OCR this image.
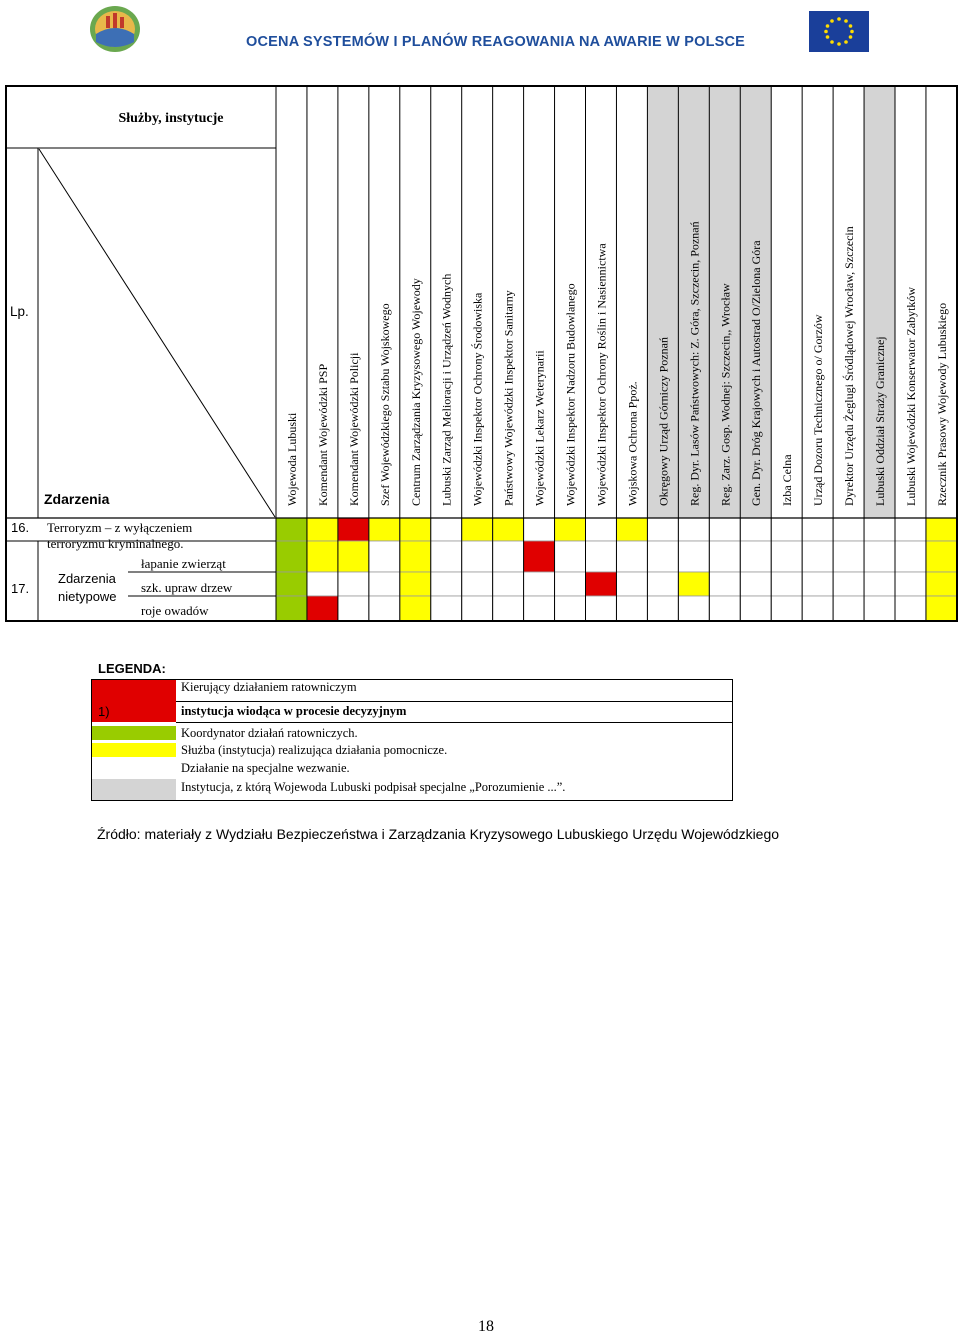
OCENA SYSTEMÓW I PLANÓW REAGOWANIA NA AWARIE W POLSCE
Służby, instytucje
Lp.
Zdarzenia	Wojewoda Lubuski Komendant Wojewódzki PSP Komendant Wojewódzki Policji Szef Wojewódzkiego Sztabu Wojskowego Centrum Zarządzania Kryzysowego Wojewody Lubuski Zarząd Melioracji i Urządzeń Wodnych Wojewódzki Inspektor Ochrony Środowiska Państwowy Wojewódzki Inspektor Sanitarny Wojewódzki Lekarz Weterynarii Wojewódzki Inspektor Nadzoru Budowlanego Wojewódzki Inspektor Ochrony Roślin i Nasiennictwa Wojskowa Ochrona Ppoż. Okręgowy Urząd Górniczy Poznań Reg. Dyr. Lasów Państwowych: Z. Góra, Szczecin, Poznań Reg. Zarz. Gosp. Wodnej: Szczecin,, Wrocław Gen. Dyr. Dróg Krajowych i Autostrad O/Zielona Góra Izba Celna Urząd Dozoru Technicznego o/ Gorzów Dyrektor Urzędu Żeglugi Śródlądowej Wrocław, Szczecin Lubuski Oddział Straży Granicznej Lubuski Wojewódzki Konserwator Zabytków Rzecznik Prasowy Wojewody Lubuskiego
16. Terroryzm – z wyłączeniem
terroryzmu kryminalnego.
17.
Zdarzenia
nietypowe
łapanie zwierząt
szk. upraw drzew
roje owadów
LEGENDA:
1)
Kierujący działaniem ratowniczym
instytucja wiodąca w procesie decyzyjnym
Koordynator działań ratowniczych.
Służba (instytucja) realizująca działania pomocnicze.
Działanie na specjalne wezwanie.
Instytucja, z którą Wojewoda Lubuski podpisał specjalne „Porozumienie ...”.
Źródło: materiały z Wydziału Bezpieczeństwa i Zarządzania Kryzysowego Lubuskiego Urzędu Wojewódzkiego
18
